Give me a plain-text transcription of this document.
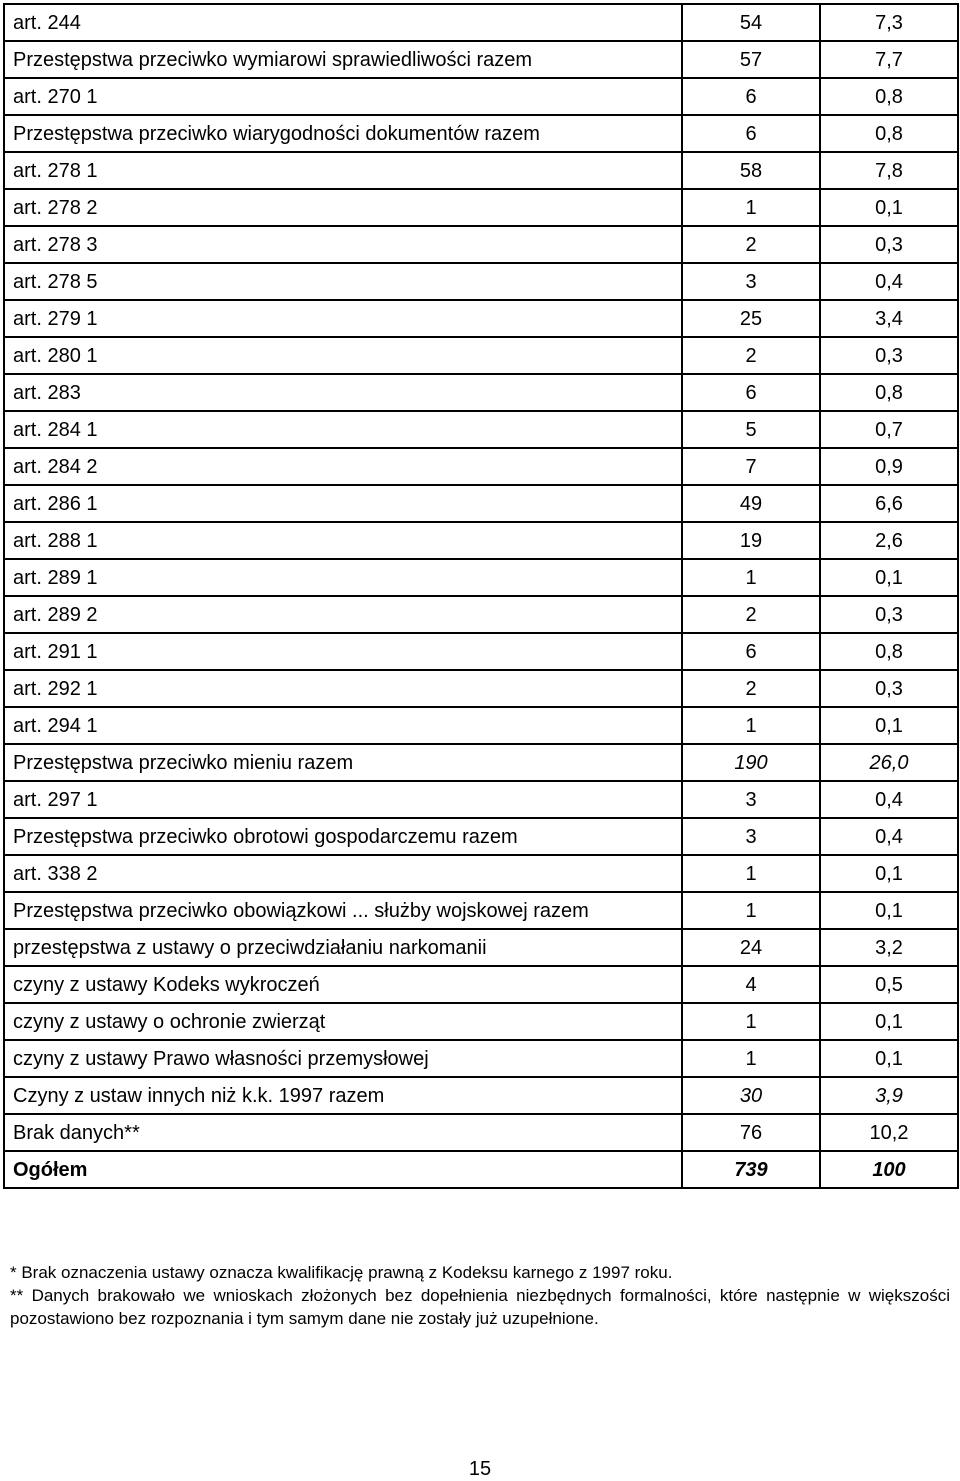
art. 244	54	7,3
Przestępstwa przeciwko wymiarowi sprawiedliwości razem	57	7,7
art. 270 1	6	0,8
Przestępstwa przeciwko wiarygodności dokumentów razem	6	0,8
art. 278 1	58	7,8
art. 278 2	1	0,1
art. 278 3	2	0,3
art. 278 5	3	0,4
art. 279 1	25	3,4
art. 280 1	2	0,3
art. 283	6	0,8
art. 284 1	5	0,7
art. 284 2	7	0,9
art. 286 1	49	6,6
art. 288 1	19	2,6
art. 289 1	1	0,1
art. 289 2	2	0,3
art. 291 1	6	0,8
art. 292 1	2	0,3
art. 294 1	1	0,1
Przestępstwa przeciwko mieniu razem	190	26,0
art. 297 1	3	0,4
Przestępstwa przeciwko obrotowi gospodarczemu razem	3	0,4
art. 338 2	1	0,1
Przestępstwa przeciwko obowiązkowi ... służby wojskowej razem	1	0,1
przestępstwa z ustawy o przeciwdziałaniu narkomanii	24	3,2
czyny z ustawy Kodeks wykroczeń	4	0,5
czyny z ustawy o ochronie zwierząt	1	0,1
czyny z ustawy Prawo własności przemysłowej	1	0,1
Czyny z ustaw innych niż k.k. 1997 razem	30	3,9
Brak danych**	76	10,2
Ogółem	739	100

* Brak oznaczenia ustawy oznacza kwalifikację prawną z Kodeksu karnego z 1997 roku.

** Danych brakowało we wnioskach złożonych bez dopełnienia niezbędnych formalności, które następnie w większości pozostawiono bez rozpoznania i tym samym dane nie zostały już uzupełnione.

15
